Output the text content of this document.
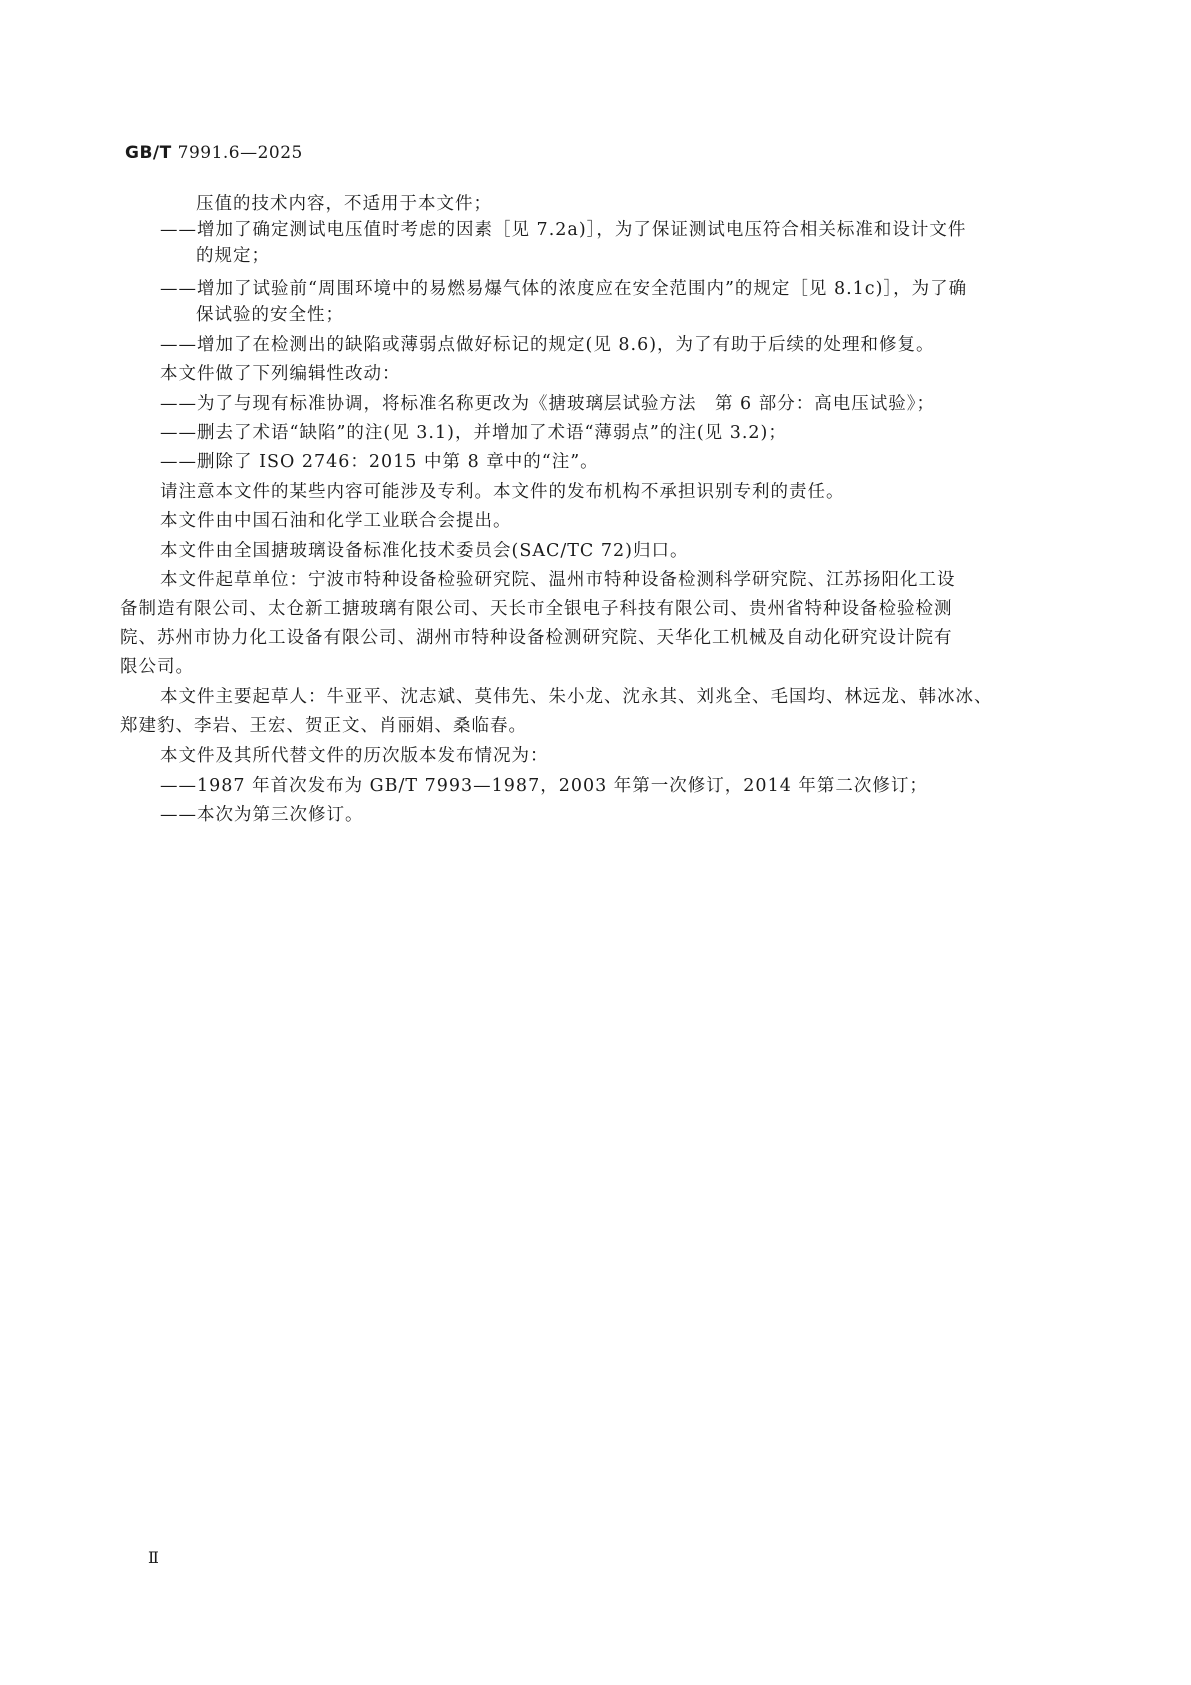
GB/T 7991.6—2025
压值的技术内容，不适用于本文件；
——增加了确定测试电压值时考虑的因素［见 7.2a)］，为了保证测试电压符合相关标准和设计文件
的规定；
——增加了试验前“周围环境中的易燃易爆气体的浓度应在安全范围内”的规定［见 8.1c)］，为了确
保试验的安全性；
——增加了在检测出的缺陷或薄弱点做好标记的规定(见 8.6)，为了有助于后续的处理和修复。
本文件做了下列编辑性改动：
——为了与现有标准协调，将标准名称更改为《搪玻璃层试验方法　第 6 部分：高电压试验》；
——删去了术语“缺陷”的注(见 3.1)，并增加了术语“薄弱点”的注(见 3.2)；
——删除了 ISO 2746：2015 中第 8 章中的“注”。
请注意本文件的某些内容可能涉及专利。本文件的发布机构不承担识别专利的责任。
本文件由中国石油和化学工业联合会提出。
本文件由全国搪玻璃设备标准化技术委员会(SAC/TC 72)归口。
本文件起草单位：宁波市特种设备检验研究院、温州市特种设备检测科学研究院、江苏扬阳化工设
备制造有限公司、太仓新工搪玻璃有限公司、天长市全银电子科技有限公司、贵州省特种设备检验检测
院、苏州市协力化工设备有限公司、湖州市特种设备检测研究院、天华化工机械及自动化研究设计院有
限公司。
本文件主要起草人：牛亚平、沈志斌、莫伟先、朱小龙、沈永其、刘兆全、毛国均、林远龙、韩冰冰、
郑建豹、李岩、王宏、贺正文、肖丽娟、桑临春。
本文件及其所代替文件的历次版本发布情况为：
——1987 年首次发布为 GB/T 7993—1987，2003 年第一次修订，2014 年第二次修订；
——本次为第三次修订。
Ⅱ
